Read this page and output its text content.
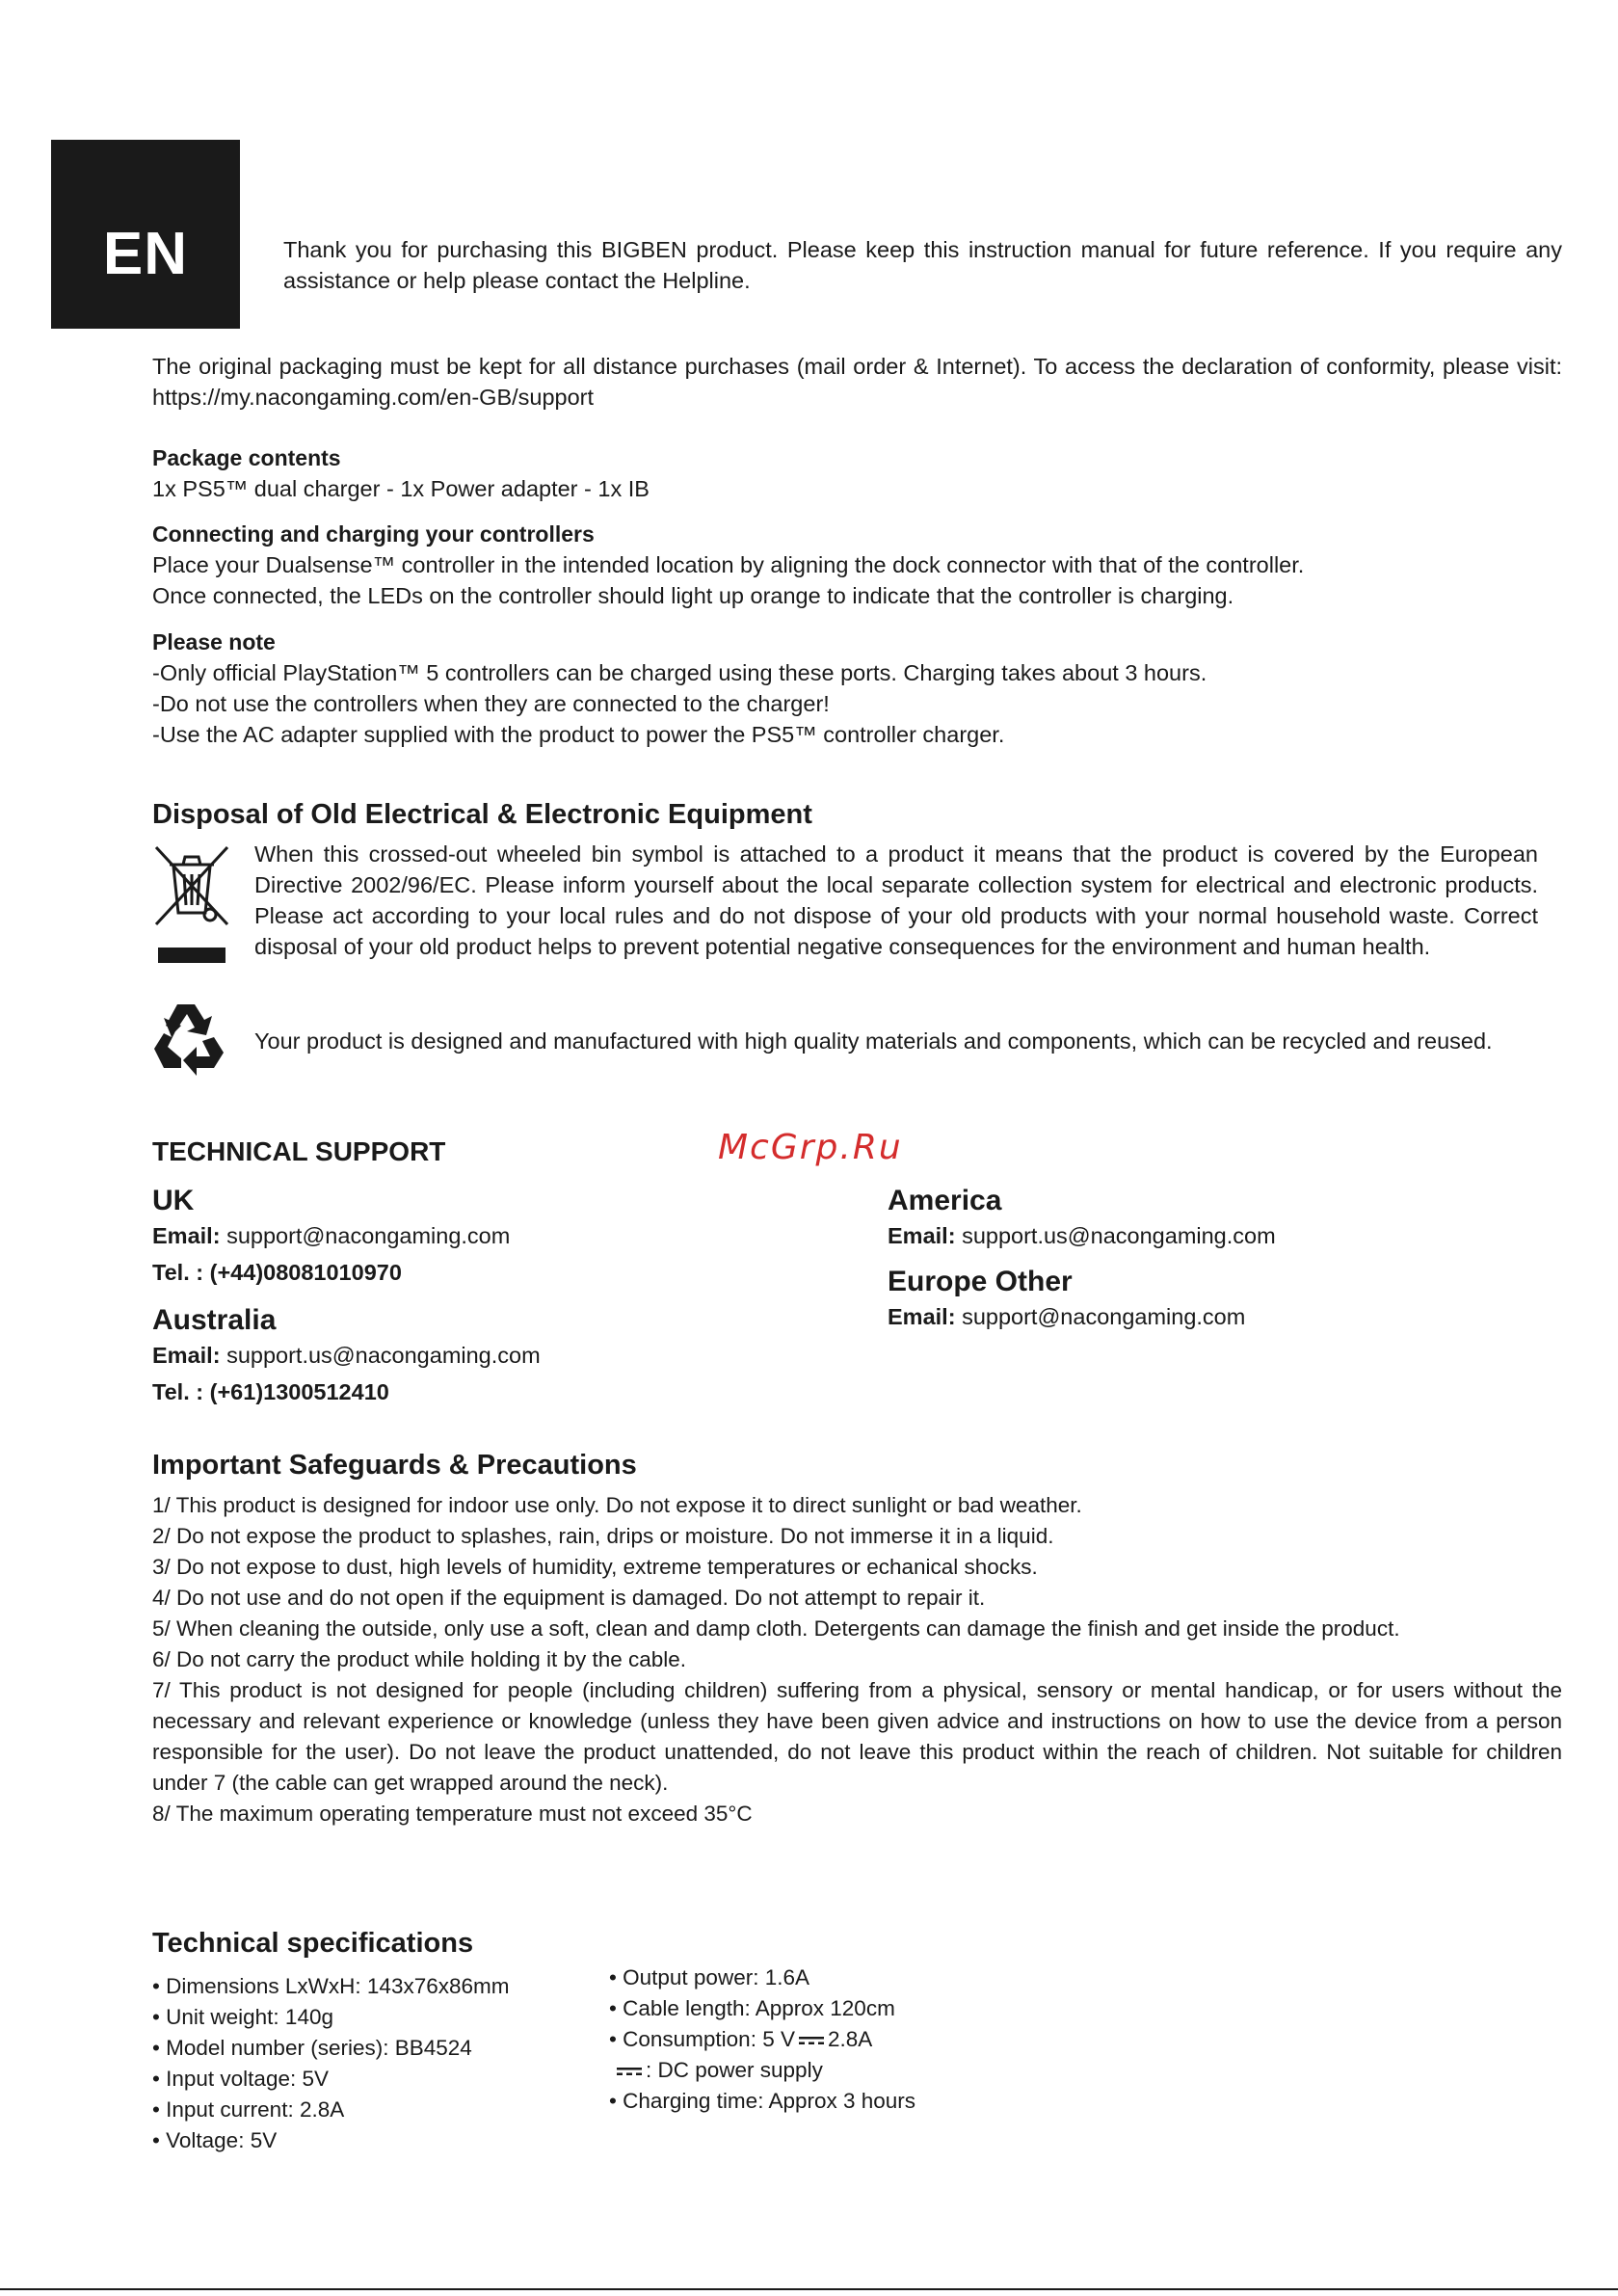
EN	Thank you for purchasing this BIGBEN product. Please keep this instruction manual for future reference. If you require any assistance or help please contact the Helpline.

The original packaging must be kept for all distance purchases (mail order & Internet). To access the declaration of conformity, please visit: https://my.nacongaming.com/en-GB/support

Package contents

1x PS5™ dual charger - 1x Power adapter - 1x IB

Connecting and charging your controllers

Place your Dualsense™ controller in the intended location by aligning the dock connector with that of the controller.
Once connected, the LEDs on the controller should light up orange to indicate that the controller is charging.

Please note

-Only official PlayStation™ 5 controllers can be charged using these ports. Charging takes about 3 hours.
-Do not use the controllers when they are connected to the charger!
-Use the AC adapter supplied with the product to power the PS5™ controller charger.

Disposal of Old Electrical & Electronic Equipment

When this crossed-out wheeled bin symbol is attached to a product it means that the product is covered by the European Directive 2002/96/EC. Please inform yourself about the local separate collection system for electrical and electronic products. Please act according to your local rules and do not dispose of your old products with your normal household waste. Correct disposal of your old product helps to prevent potential negative consequences for the environment and human health.

Your product is designed and manufactured with high quality materials and components, which can be recycled and reused.

TECHNICAL SUPPORT	McGrp.Ru

UK

Email: support@nacongaming.com
Tel. : (+44)08081010970

Australia

Email: support.us@nacongaming.com
Tel. : (+61)1300512410

America

Email: support.us@nacongaming.com

Europe Other

Email: support@nacongaming.com

Important Safeguards & Precautions

1/ This product is designed for indoor use only. Do not expose it to direct sunlight or bad weather.
2/ Do not expose the product to splashes, rain, drips or moisture. Do not immerse it in a liquid.
3/ Do not expose to dust, high levels of humidity, extreme temperatures or echanical shocks.
4/ Do not use and do not open if the equipment is damaged. Do not attempt to repair it.
5/ When cleaning the outside, only use a soft, clean and damp cloth. Detergents can damage the finish and get inside the product.
6/ Do not carry the product while holding it by the cable.
7/ This product is not designed for people (including children) suffering from a physical, sensory or mental handicap, or for users without the necessary and relevant experience or knowledge (unless they have been given advice and instructions on how to use the device from a person responsible for the user). Do not leave the product unattended, do not leave this product within the reach of children. Not suitable for children under 7 (the cable can get wrapped around the neck).
8/ The maximum operating temperature must not exceed 35°C

Technical specifications

• Dimensions LxWxH: 143x76x86mm
• Unit weight: 140g
• Model number (series): BB4524
• Input voltage: 5V
• Input current: 2.8A
• Voltage: 5V
• Output power: 1.6A
• Cable length: Approx 120cm
• Consumption: 5 V 2.8A
: DC power supply
• Charging time: Approx 3 hours
